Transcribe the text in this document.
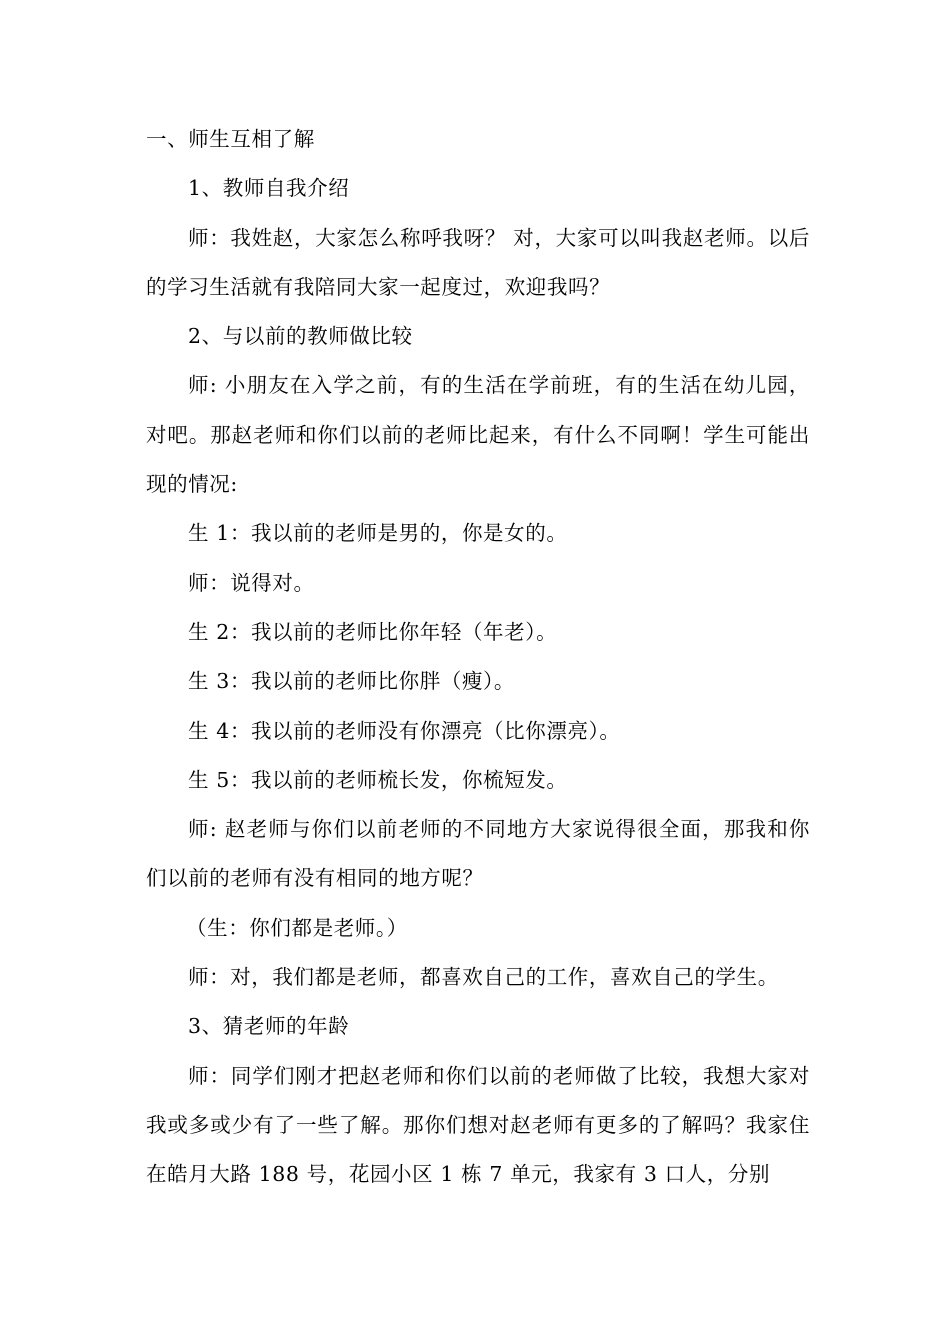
一、师生互相了解

1、教师自我介绍

师：我姓赵，大家怎么称呼我呀？ 对，大家可以叫我赵老师。以后的学习生活就有我陪同大家一起度过，欢迎我吗？

2、与以前的教师做比较

师: 小朋友在入学之前，有的生活在学前班，有的生活在幼儿园，对吧。那赵老师和你们以前的老师比起来，有什么不同啊！学生可能出现的情况:

生 1：我以前的老师是男的，你是女的。

师：说得对。

生 2：我以前的老师比你年轻（年老）。

生 3：我以前的老师比你胖（瘦）。

生 4：我以前的老师没有你漂亮（比你漂亮）。

生 5：我以前的老师梳长发，你梳短发。

师: 赵老师与你们以前老师的不同地方大家说得很全面，那我和你们以前的老师有没有相同的地方呢？

（生：你们都是老师。）

师：对，我们都是老师，都喜欢自己的工作，喜欢自己的学生。

3、猜老师的年龄

师：同学们刚才把赵老师和你们以前的老师做了比较，我想大家对我或多或少有了一些了解。那你们想对赵老师有更多的了解吗？我家住在皓月大路 188 号，花园小区 1 栋 7 单元，我家有 3 口人，分别
